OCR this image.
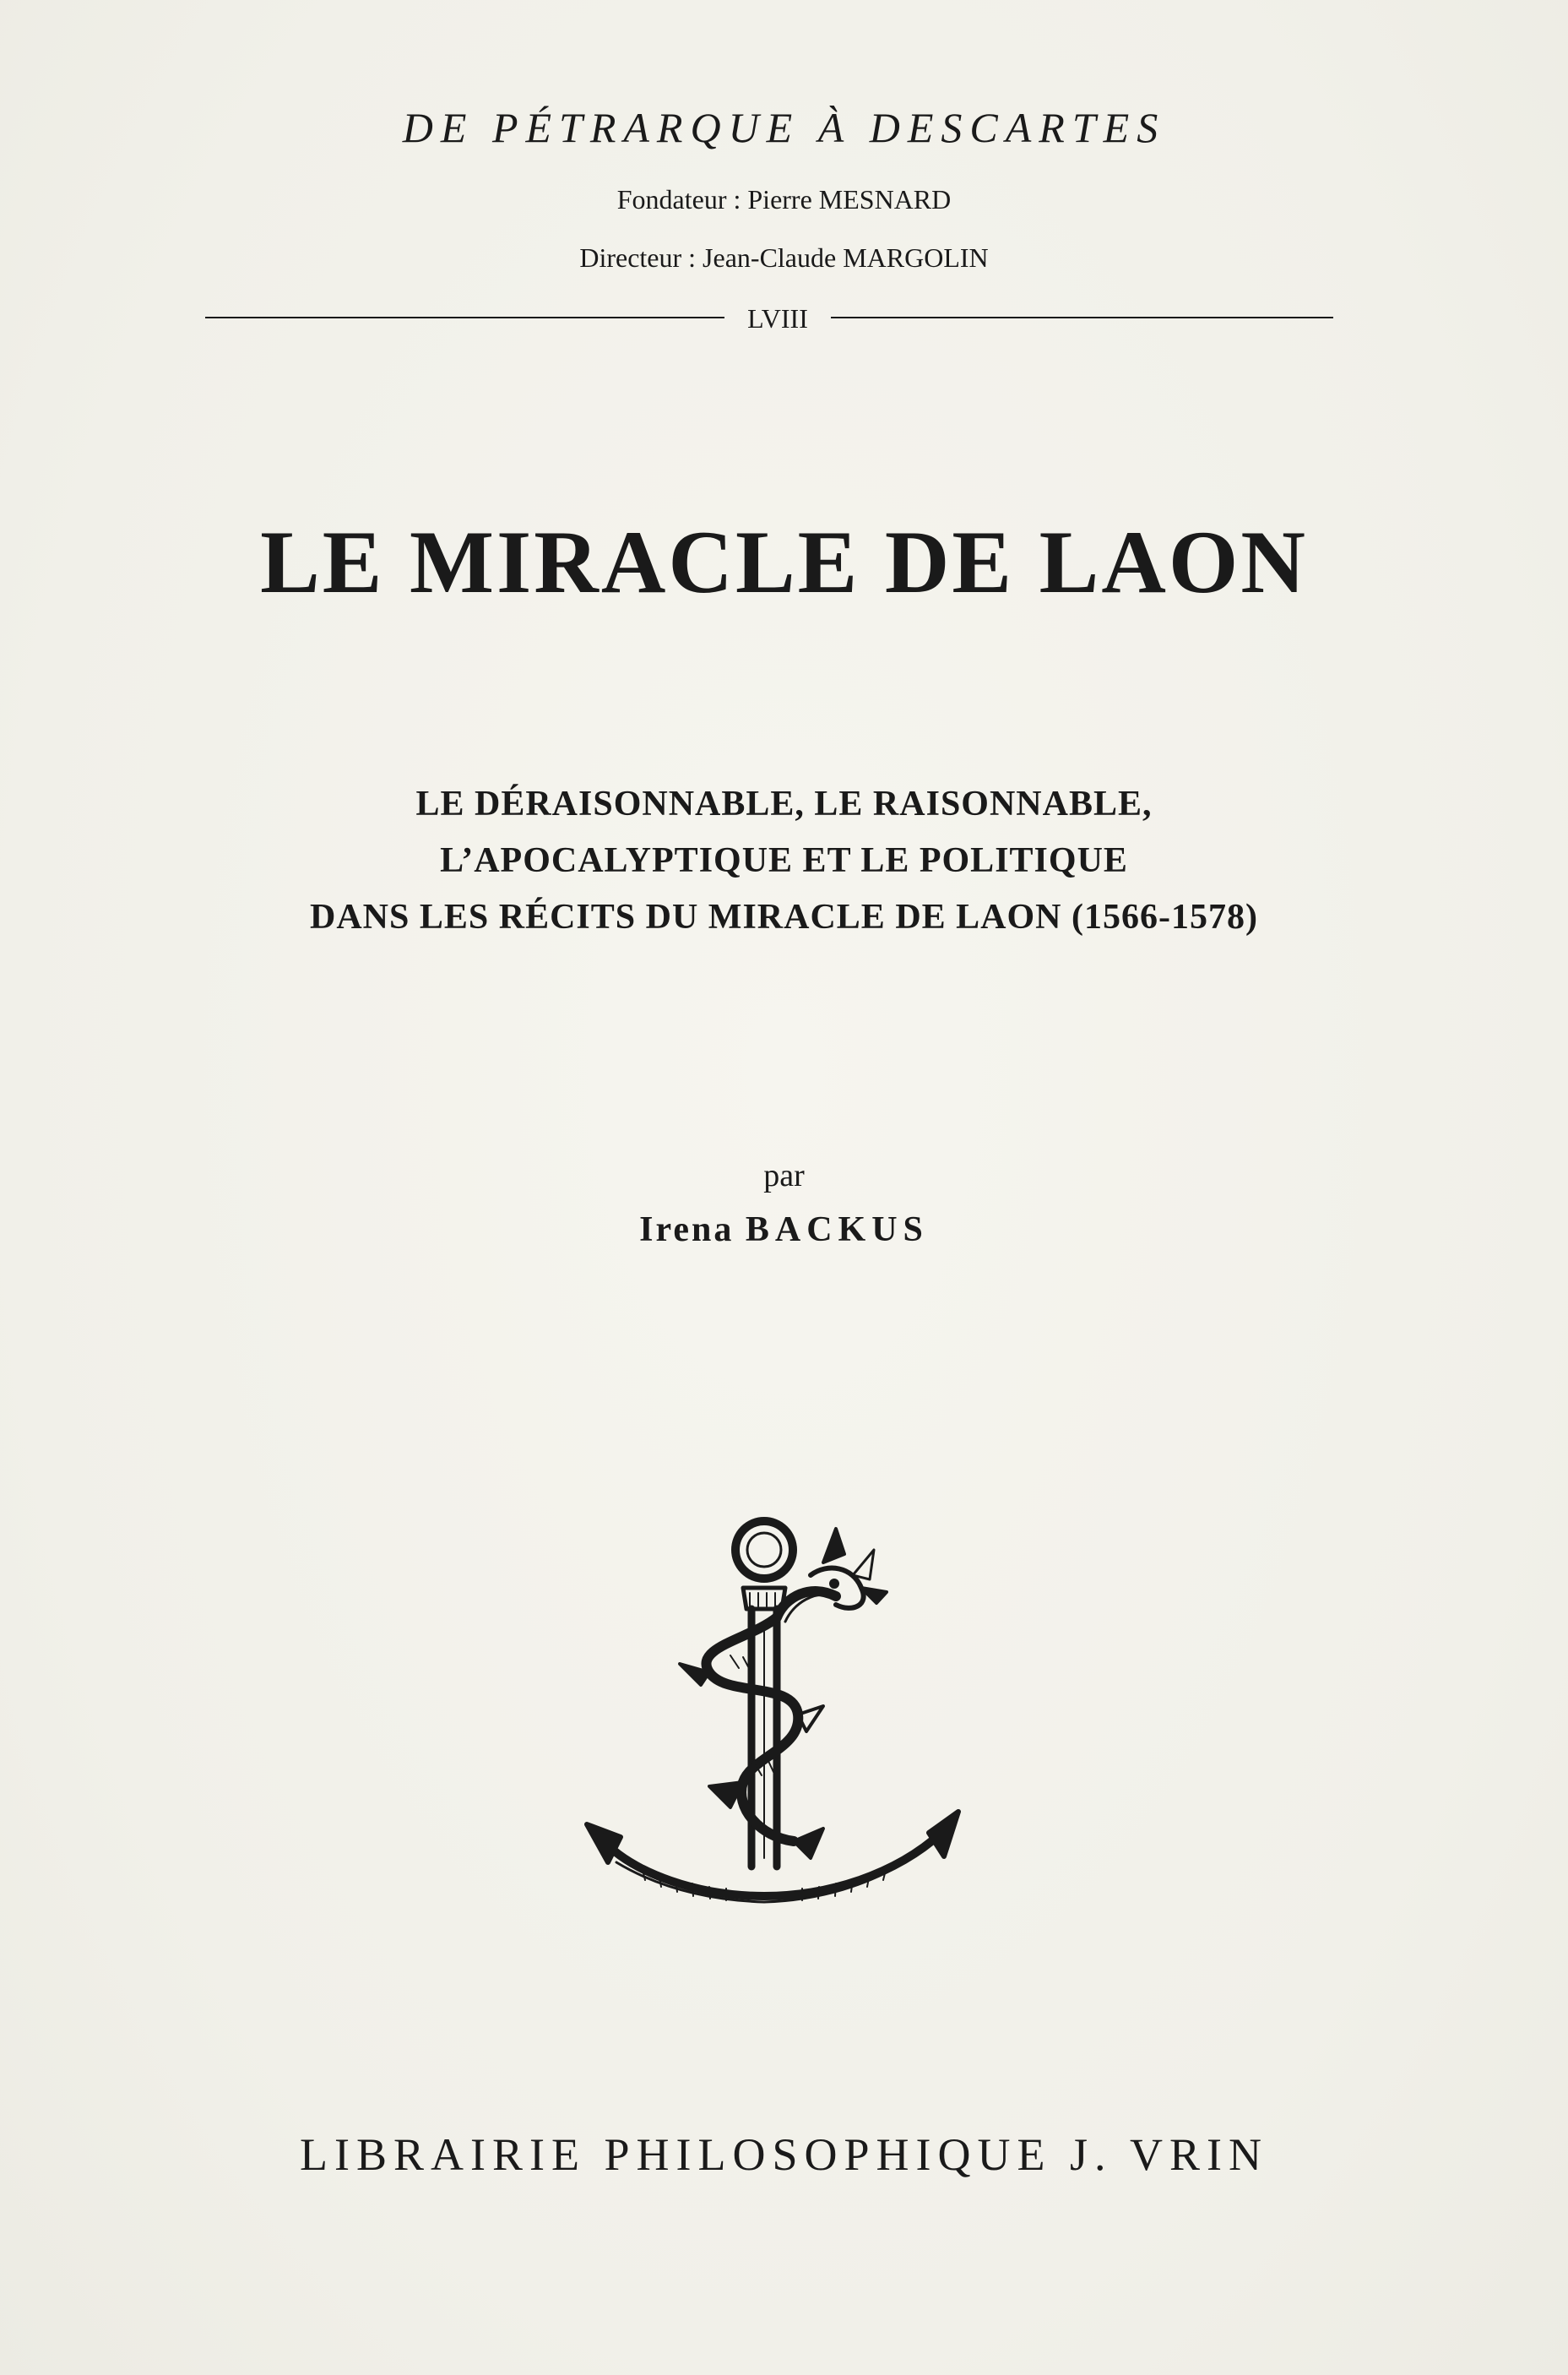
DE PÉTRARQUE À DESCARTES
Fondateur : Pierre MESNARD
Directeur : Jean-Claude MARGOLIN
LVIII
LE MIRACLE DE LAON
LE DÉRAISONNABLE, LE RAISONNABLE,
L’APOCALYPTIQUE ET LE POLITIQUE
DANS LES RÉCITS DU MIRACLE DE LAON (1566-1578)
par
Irena BACKUS
LIBRAIRIE PHILOSOPHIQUE J. VRIN
